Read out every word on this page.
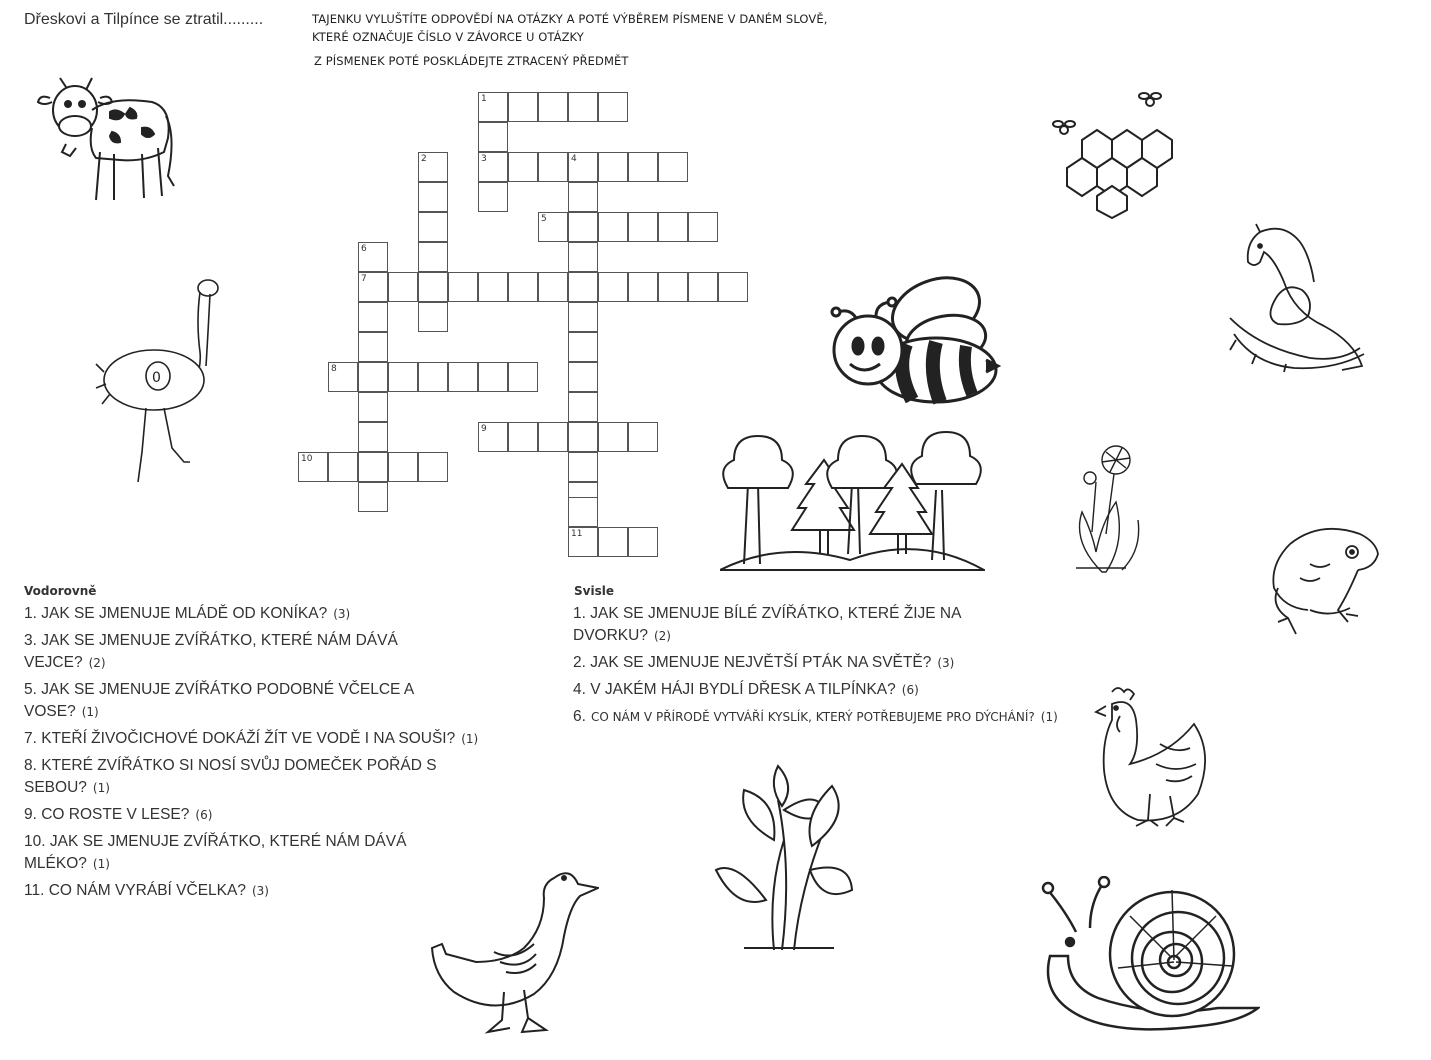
Dřeskovi a Tilpínce se ztratil.........	TAJENKU VYLUŠTÍTE ODPOVĚDÍ NA OTÁZKY A POTÉ VÝBĚREM PÍSMENE V DANÉM SLOVĚ,
KTERÉ OZNAČUJE ČÍSLO V ZÁVORCE U OTÁZKY
Z PÍSMENEK POTÉ POSKLÁDEJTE ZTRACENÝ PŘEDMĚT
1
2	3	4
5
6
7
8
9
10
11
Vodorovně
1. JAK SE JMENUJE MLÁDĚ OD KONÍKA? (3)
3. JAK SE JMENUJE ZVÍŘÁTKO, KTERÉ NÁM DÁVÁ
VEJCE? (2)
5. JAK SE JMENUJE ZVÍŘÁTKO PODOBNÉ VČELCE A
VOSE? (1)
7. KTEŘÍ ŽIVOČICHOVÉ DOKÁŽÍ ŽÍT VE VODĚ I NA SOUŠI? (1)
8. KTERÉ ZVÍŘÁTKO SI NOSÍ SVŮJ DOMEČEK POŘÁD S
SEBOU? (1)
9. CO ROSTE V LESE? (6)
10. JAK SE JMENUJE ZVÍŘÁTKO, KTERÉ NÁM DÁVÁ
MLÉKO? (1)
11. CO NÁM VYRÁBÍ VČELKA? (3)
Svisle
1. JAK SE JMENUJE BÍLÉ ZVÍŘÁTKO, KTERÉ ŽIJE NA
DVORKU? (2)
2. JAK SE JMENUJE NEJVĚTŠÍ PTÁK NA SVĚTĚ? (3)
4. V JAKÉM HÁJI BYDLÍ DŘESK A TILPÍNKA? (6)
6. CO NÁM V PŘÍRODĚ VYTVÁŘÍ KYSLÍK, KTERÝ POTŘEBUJEME PRO DÝCHÁNÍ? (1)
0
